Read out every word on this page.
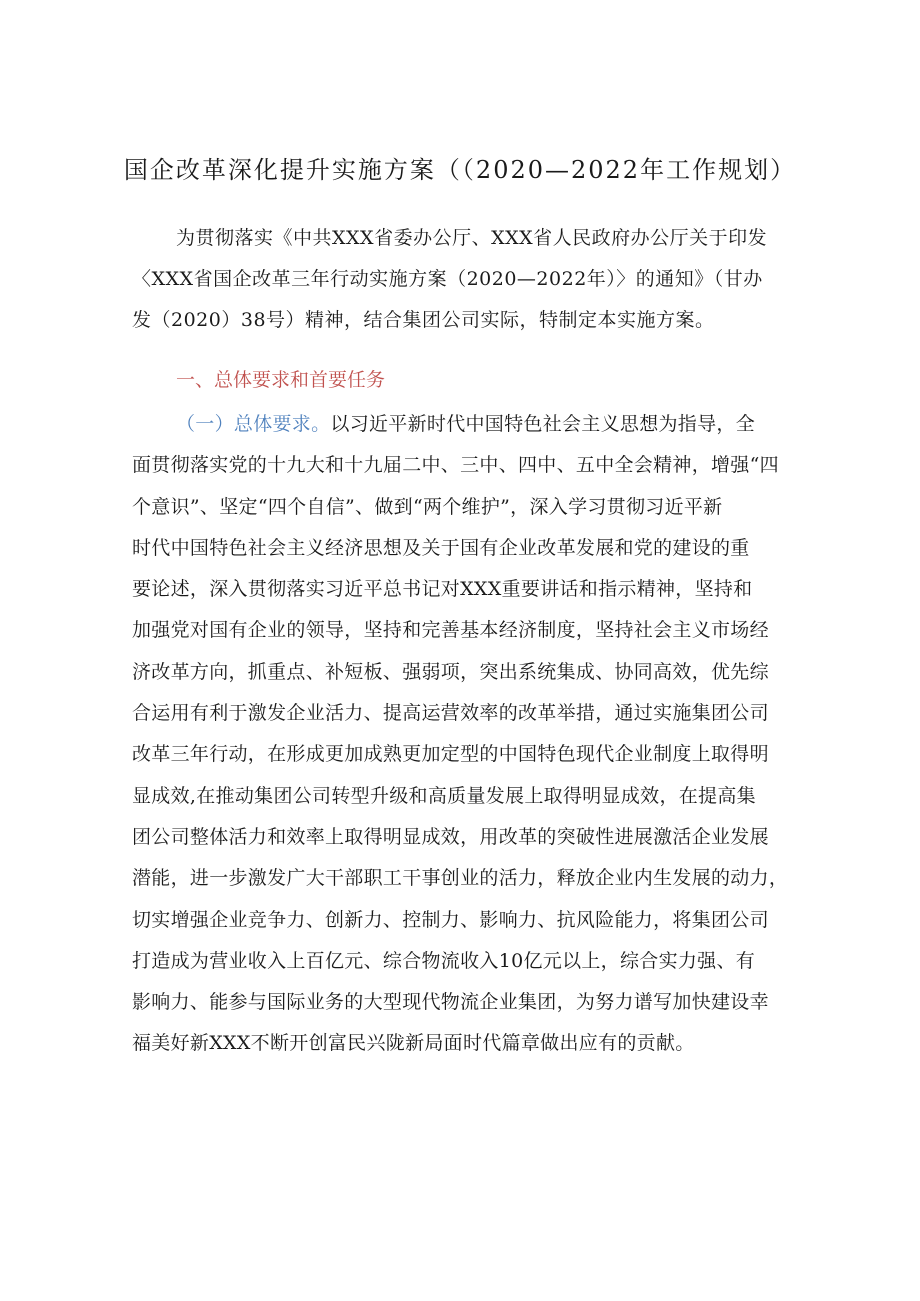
国企改革深化提升实施方案（（2020—2022年工作规划）
为贯彻落实《中共XXX省委办公厅、XXX省人民政府办公厅关于印发
〈XXX省国企改革三年行动实施方案（2020—2022年）〉的通知》（甘办
发（2020）38号）精神，结合集团公司实际，特制定本实施方案。
一、总体要求和首要任务
（一）总体要求。以习近平新时代中国特色社会主义思想为指导，全
面贯彻落实党的十九大和十九届二中、三中、四中、五中全会精神，增强“四
个意识”、坚定“四个自信”、做到“两个维护”，深入学习贯彻习近平新
时代中国特色社会主义经济思想及关于国有企业改革发展和党的建设的重
要论述，深入贯彻落实习近平总书记对XXX重要讲话和指示精神，坚持和
加强党对国有企业的领导，坚持和完善基本经济制度，坚持社会主义市场经
济改革方向，抓重点、补短板、强弱项，突出系统集成、协同高效，优先综
合运用有利于激发企业活力、提高运营效率的改革举措，通过实施集团公司
改革三年行动，在形成更加成熟更加定型的中国特色现代企业制度上取得明
显成效,在推动集团公司转型升级和高质量发展上取得明显成效，在提高集
团公司整体活力和效率上取得明显成效，用改革的突破性进展激活企业发展
潜能，进一步激发广大干部职工干事创业的活力，释放企业内生发展的动力，
切实增强企业竞争力、创新力、控制力、影响力、抗风险能力，将集团公司
打造成为营业收入上百亿元、综合物流收入10亿元以上，综合实力强、有
影响力、能参与国际业务的大型现代物流企业集团，为努力谱写加快建设幸
福美好新XXX不断开创富民兴陇新局面时代篇章做出应有的贡献。
